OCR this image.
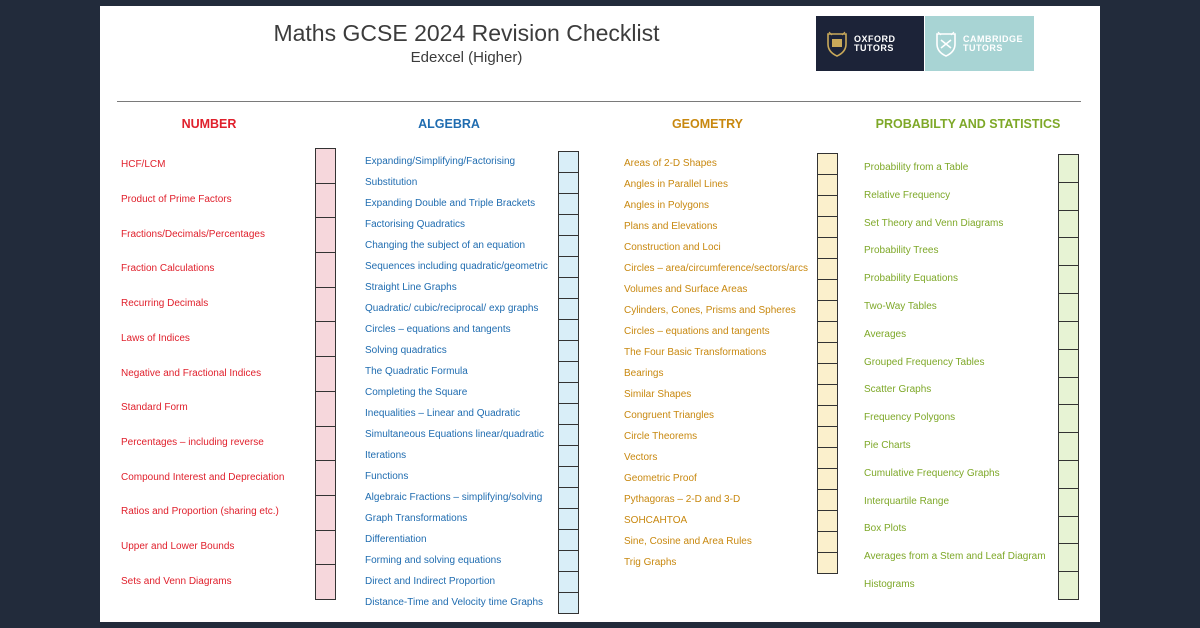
Maths GCSE 2024 Revision Checklist
Edexcel (Higher)
OXFORD
TUTORS
CAMBRIDGE
TUTORS
NUMBER
HCF/LCM
Product of Prime Factors
Fractions/Decimals/Percentages
Fraction Calculations
Recurring Decimals
Laws of Indices
Negative and Fractional Indices
Standard Form
Percentages – including reverse
Compound Interest and Depreciation
Ratios and Proportion (sharing etc.)
Upper and Lower Bounds
Sets and Venn Diagrams
ALGEBRA
Expanding/Simplifying/Factorising
Substitution
Expanding Double and Triple Brackets
Factorising Quadratics
Changing the subject of an equation
Sequences including quadratic/geometric
Straight Line Graphs
Quadratic/ cubic/reciprocal/ exp graphs
Circles – equations and tangents
Solving quadratics
The Quadratic Formula
Completing the Square
Inequalities – Linear and Quadratic
Simultaneous Equations linear/quadratic
Iterations
Functions
Algebraic Fractions – simplifying/solving
Graph Transformations
Differentiation
Forming and solving equations
Direct and Indirect Proportion
Distance-Time and Velocity time Graphs
GEOMETRY
Areas of 2-D Shapes
Angles in Parallel Lines
Angles in Polygons
Plans and Elevations
Construction and Loci
Circles – area/circumference/sectors/arcs
Volumes and Surface Areas
Cylinders, Cones, Prisms and Spheres
Circles – equations and tangents
The Four Basic Transformations
Bearings
Similar Shapes
Congruent Triangles
Circle Theorems
Vectors
Geometric Proof
Pythagoras – 2-D and 3-D
SOHCAHTOA
Sine, Cosine and Area Rules
Trig Graphs
PROBABILTY AND STATISTICS
Probability from a Table
Relative Frequency
Set Theory and Venn Diagrams
Probability Trees
Probability Equations
Two-Way Tables
Averages
Grouped Frequency Tables
Scatter Graphs
Frequency Polygons
Pie Charts
Cumulative Frequency Graphs
Interquartile Range
Box Plots
Averages from a Stem and Leaf Diagram
Histograms
